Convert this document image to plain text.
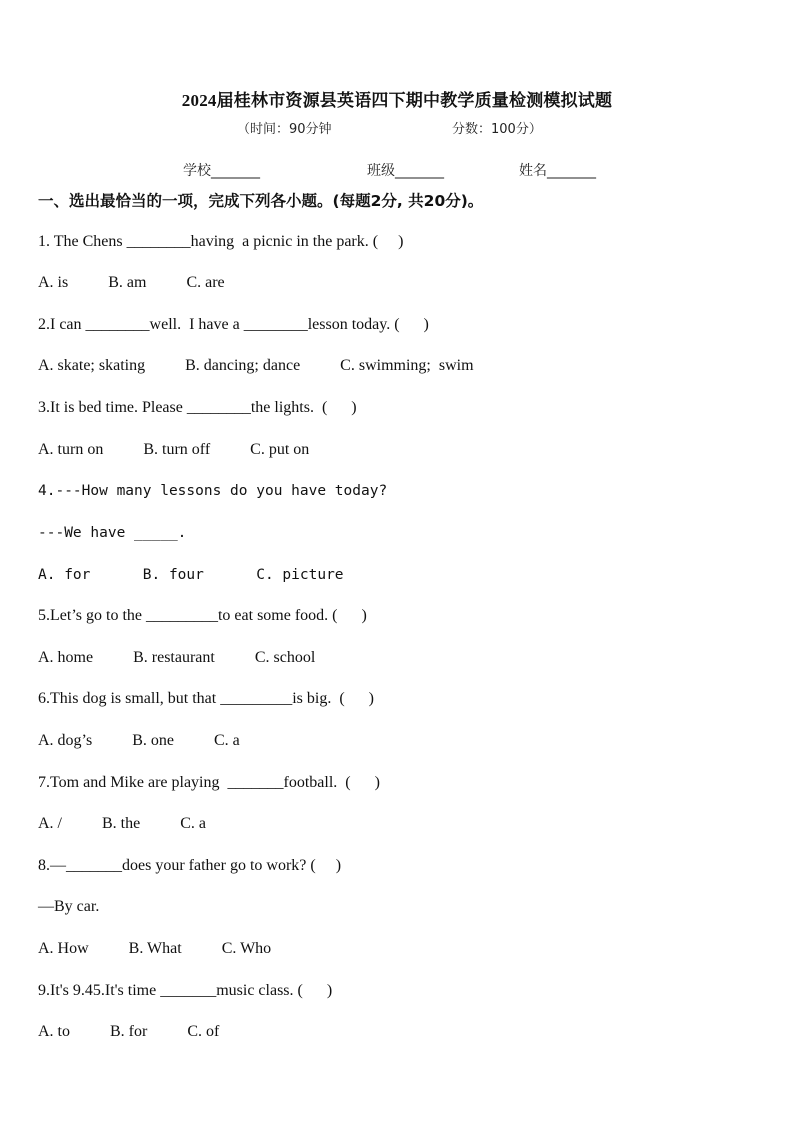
2024届桂林市资源县英语四下期中教学质量检测模拟试题
（时间：90分钟	分数：100分）
学校_______	班级_______	姓名_______
一、选出最恰当的一项，完成下列各小题。(每题2分, 共20分)。
1. The Chens ________having  a picnic in the park. (     )
A. is          B. am          C. are
2.I can ________well.  I have a ________lesson today. (      )
A. skate; skating          B. dancing; dance          C. swimming;  swim
3.It is bed time. Please ________the lights.  (      )
A. turn on          B. turn off          C. put on
4.---How many lessons do you have today?
---We have _____.
A. for      B. four      C. picture
5.Let’s go to the _________to eat some food. (      )
A. home          B. restaurant          C. school
6.This dog is small, but that _________is big.  (      )
A. dog’s          B. one          C. a
7.Tom and Mike are playing  _______football.  (      )
A. /          B. the          C. a
8.—_______does your father go to work? (     )
—By car.
A. How          B. What          C. Who
9.It's 9.45.It's time _______music class. (      )
A. to          B. for          C. of
